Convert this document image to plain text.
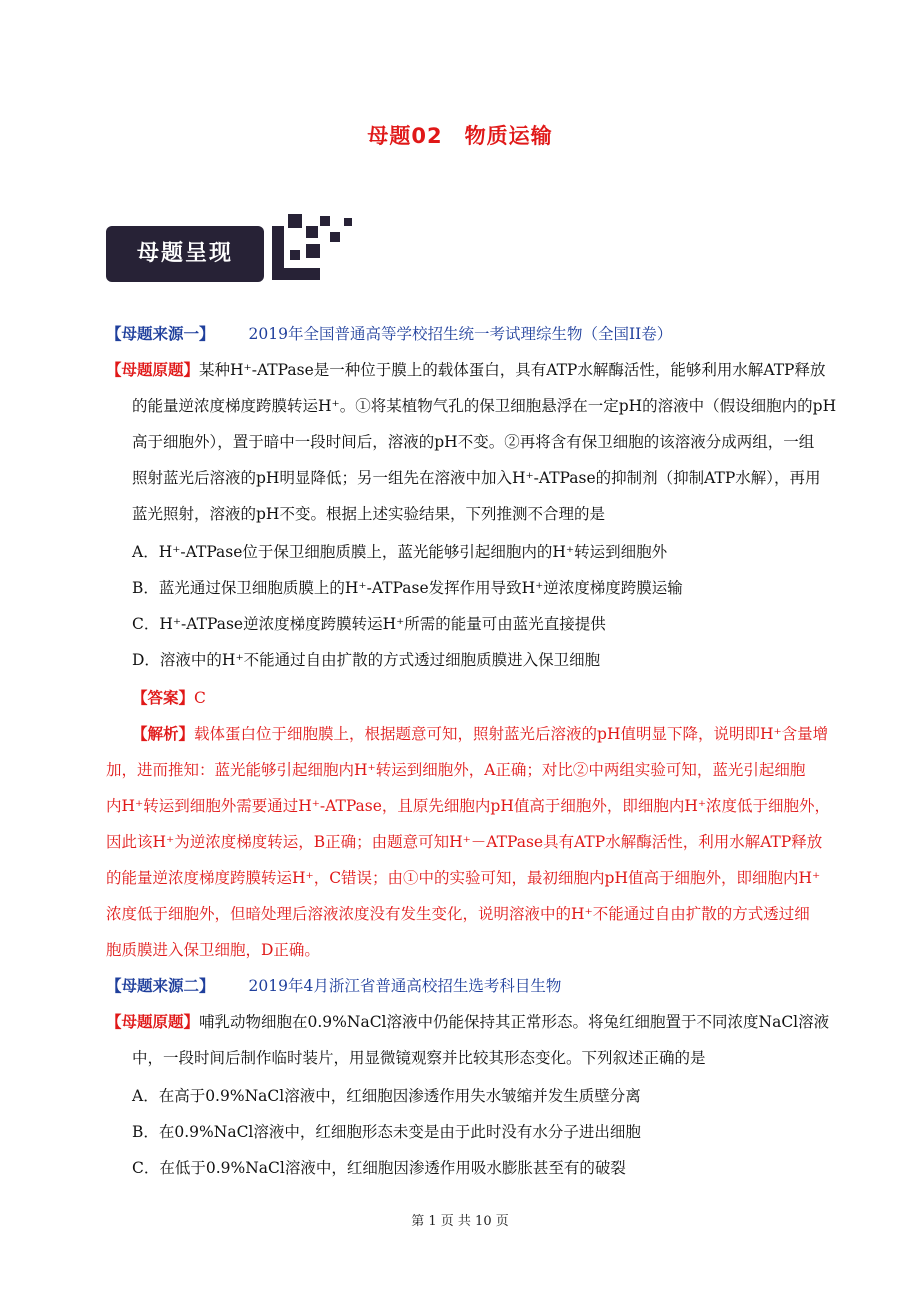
母题02　物质运输
母题呈现
【母题来源一】 2019年全国普通高等学校招生统一考试理综生物（全国II卷）
【母题原题】某种H⁺-ATPase是一种位于膜上的载体蛋白，具有ATP水解酶活性，能够利用水解ATP释放
的能量逆浓度梯度跨膜转运H⁺。①将某植物气孔的保卫细胞悬浮在一定pH的溶液中（假设细胞内的pH
高于细胞外），置于暗中一段时间后，溶液的pH不变。②再将含有保卫细胞的该溶液分成两组，一组
照射蓝光后溶液的pH明显降低；另一组先在溶液中加入H⁺-ATPase的抑制剂（抑制ATP水解），再用
蓝光照射，溶液的pH不变。根据上述实验结果，下列推测不合理的是
A．H⁺-ATPase位于保卫细胞质膜上，蓝光能够引起细胞内的H⁺转运到细胞外
B．蓝光通过保卫细胞质膜上的H⁺-ATPase发挥作用导致H⁺逆浓度梯度跨膜运输
C．H⁺-ATPase逆浓度梯度跨膜转运H⁺所需的能量可由蓝光直接提供
D．溶液中的H⁺不能通过自由扩散的方式透过细胞质膜进入保卫细胞
【答案】C
【解析】载体蛋白位于细胞膜上，根据题意可知，照射蓝光后溶液的pH值明显下降，说明即H⁺含量增
加，进而推知：蓝光能够引起细胞内H⁺转运到细胞外，A正确；对比②中两组实验可知，蓝光引起细胞
内H⁺转运到细胞外需要通过H⁺-ATPase，且原先细胞内pH值高于细胞外，即细胞内H⁺浓度低于细胞外，
因此该H⁺为逆浓度梯度转运，B正确；由题意可知H⁺－ATPase具有ATP水解酶活性，利用水解ATP释放
的能量逆浓度梯度跨膜转运H⁺，C错误；由①中的实验可知，最初细胞内pH值高于细胞外，即细胞内H⁺
浓度低于细胞外，但暗处理后溶液浓度没有发生变化，说明溶液中的H⁺不能通过自由扩散的方式透过细
胞质膜进入保卫细胞，D正确。
【母题来源二】 2019年4月浙江省普通高校招生选考科目生物
【母题原题】哺乳动物细胞在0.9%NaCl溶液中仍能保持其正常形态。将兔红细胞置于不同浓度NaCl溶液
中，一段时间后制作临时装片，用显微镜观察并比较其形态变化。下列叙述正确的是
A．在高于0.9%NaCl溶液中，红细胞因渗透作用失水皱缩并发生质壁分离
B．在0.9%NaCl溶液中，红细胞形态未变是由于此时没有水分子进出细胞
C．在低于0.9%NaCl溶液中，红细胞因渗透作用吸水膨胀甚至有的破裂
第 1 页 共 10 页
